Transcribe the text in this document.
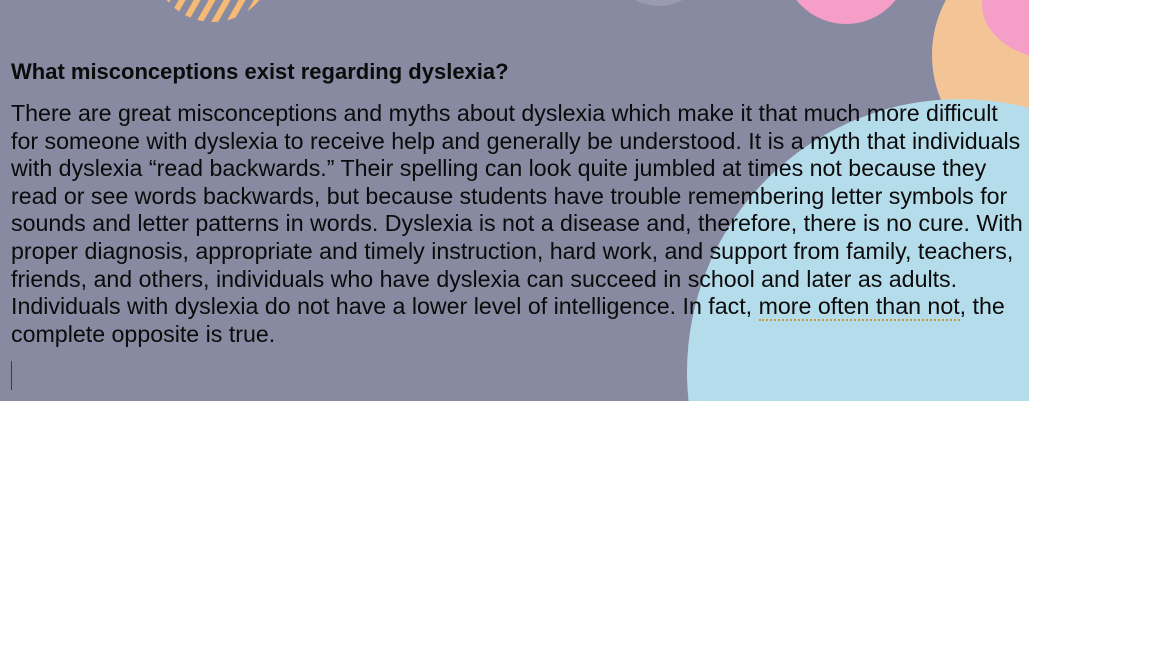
What misconceptions exist regarding dyslexia?

There are great misconceptions and myths about dyslexia which make it that much more difficult for someone with dyslexia to receive help and generally be understood. It is a myth that individuals with dyslexia “read backwards.” Their spelling can look quite jumbled at times not because they read or see words backwards, but because students have trouble remembering letter symbols for sounds and letter patterns in words. Dyslexia is not a disease and, therefore, there is no cure. With proper diagnosis, appropriate and timely instruction, hard work, and support from family, teachers, friends, and others, individuals who have dyslexia can succeed in school and later as adults. Individuals with dyslexia do not have a lower level of intelligence. In fact, more often than not, the complete opposite is true.
